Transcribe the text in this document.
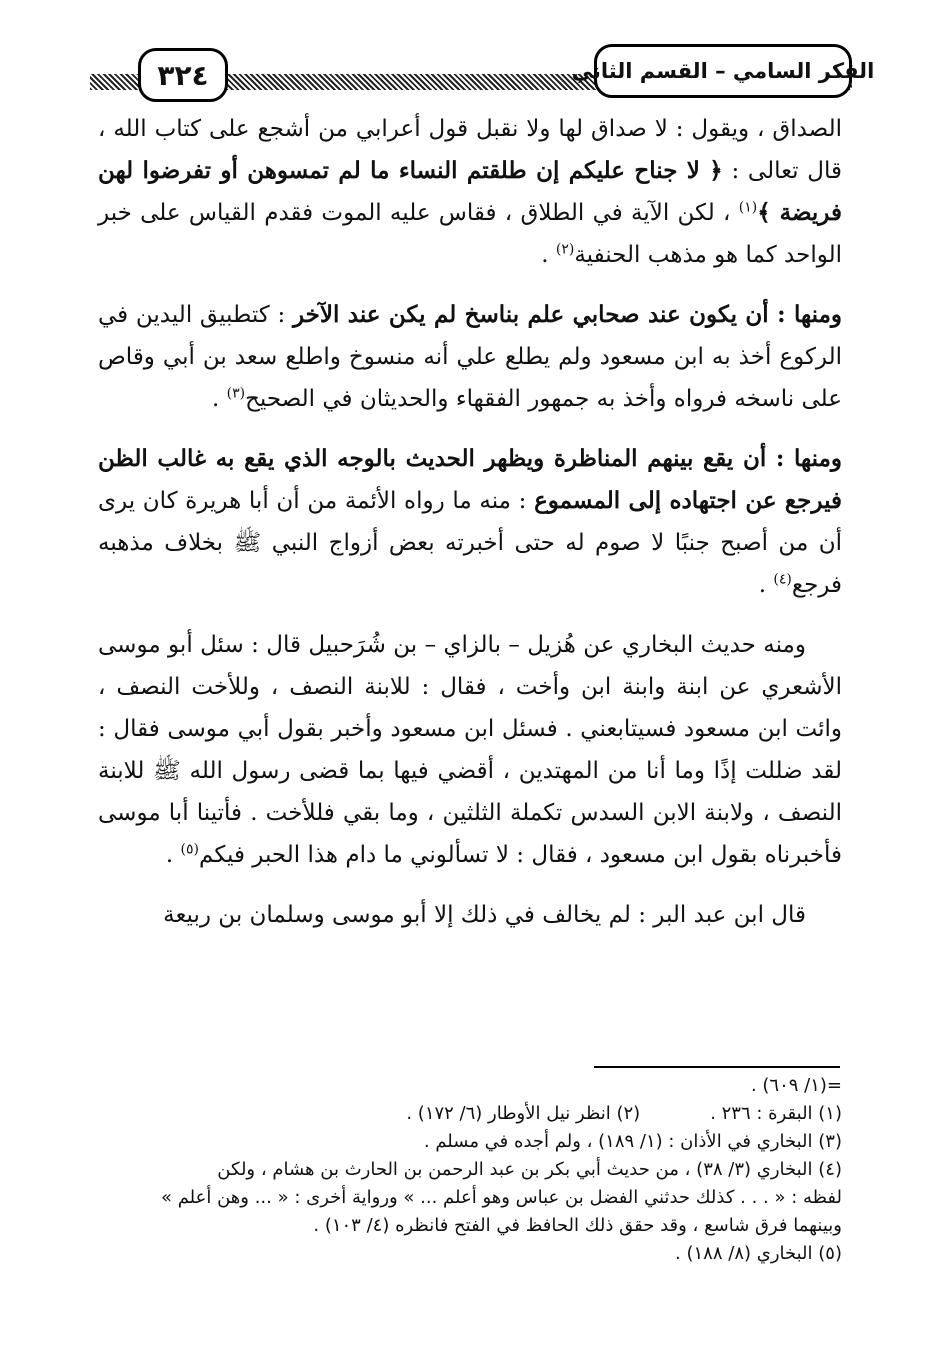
٣٢٤	الفكر السامي – القسم الثاني

الصداق ، ويقول : لا صداق لها ولا نقبل قول أعرابي من أشجع على كتاب الله ، قال تعالى : ﴿ لا جناح عليكم إن طلقتم النساء ما لم تمسوهن أو تفرضوا لهن فريضة ﴾$^{(١)}$ ، لكن الآية في الطلاق ، فقاس عليه الموت فقدم القياس على خبر الواحد كما هو مذهب الحنفية$^{(٢)}$ .

ومنها : أن يكون عند صحابي علم بناسخ لم يكن عند الآخر : كتطبيق اليدين في الركوع أخذ به ابن مسعود ولم يطلع علي أنه منسوخ واطلع سعد بن أبي وقاص على ناسخه فرواه وأخذ به جمهور الفقهاء والحديثان في الصحيح$^{(٣)}$ .

ومنها : أن يقع بينهم المناظرة ويظهر الحديث بالوجه الذي يقع به غالب الظن فيرجع عن اجتهاده إلى المسموع : منه ما رواه الأئمة من أن أبا هريرة كان يرى أن من أصبح جنبًا لا صوم له حتى أخبرته بعض أزواج النبي ﷺ بخلاف مذهبه فرجع$^{(٤)}$ .

ومنه حديث البخاري عن هُزيل – بالزاي – بن شُرَحبيل قال : سئل أبو موسى الأشعري عن ابنة وابنة ابن وأخت ، فقال : للابنة النصف ، وللأخت النصف ، وائت ابن مسعود فسيتابعني . فسئل ابن مسعود وأخبر بقول أبي موسى فقال : لقد ضللت إذًا وما أنا من المهتدين ، أقضي فيها بما قضى رسول الله ﷺ للابنة النصف ، ولابنة الابن السدس تكملة الثلثين ، وما بقي فللأخت . فأتينا أبا موسى فأخبرناه بقول ابن مسعود ، فقال : لا تسألوني ما دام هذا الحبر فيكم$^{(٥)}$ .

قال ابن عبد البر : لم يخالف في ذلك إلا أبو موسى وسلمان بن ربيعة

=(١/ ٦٠٩) .

(١) البقرة : ٢٣٦ .
(٢) انظر نيل الأوطار (٦/ ١٧٢) .

(٣) البخاري في الأذان : (١/ ١٨٩) ، ولم أجده في مسلم .

(٤) البخاري (٣/ ٣٨) ، من حديث أبي بكر بن عبد الرحمن بن الحارث بن هشام ، ولكن

لفظه : « . . . كذلك حدثني الفضل بن عباس وهو أعلم ... » ورواية أخرى : « ... وهن أعلم »

وبينهما فرق شاسع ، وقد حقق ذلك الحافظ في الفتح فانظره (٤/ ١٠٣) .

(٥) البخاري (٨/ ١٨٨) .
